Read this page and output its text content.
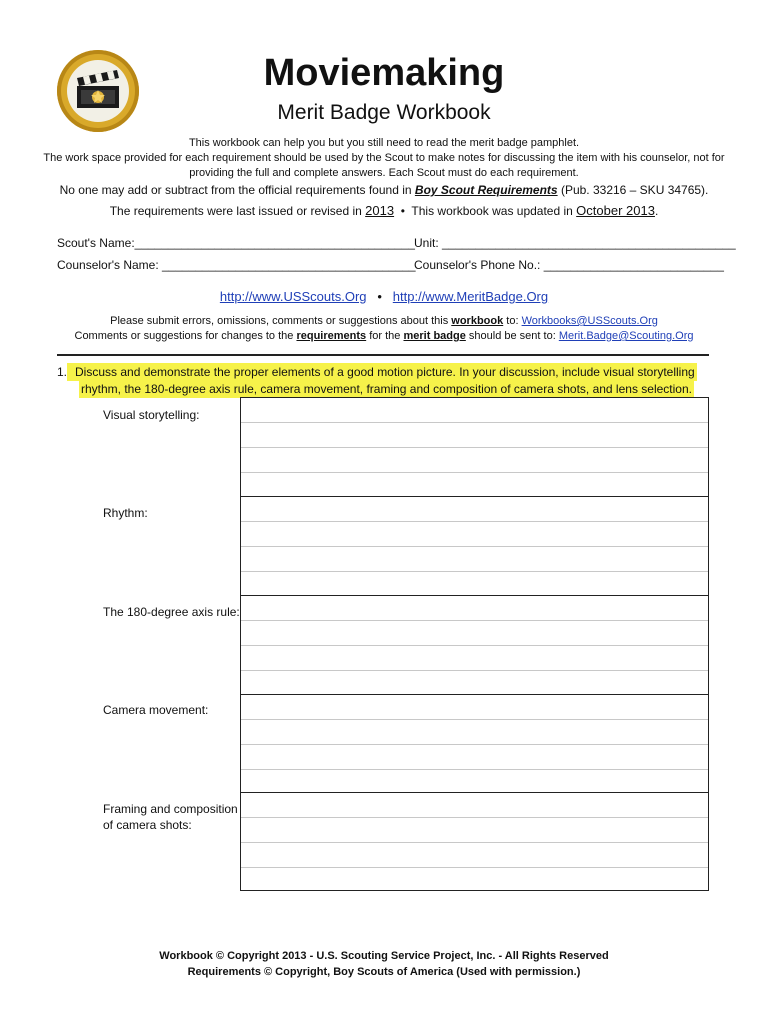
Moviemaking
Merit Badge Workbook
This workbook can help you but you still need to read the merit badge pamphlet.
The work space provided for each requirement should be used by the Scout to make notes for discussing the item with his counselor, not for
providing the full and complete answers. Each Scout must do each requirement.
No one may add or subtract from the official requirements found in Boy Scout Requirements (Pub. 33216 – SKU 34765).
The requirements were last issued or revised in 2013 • This workbook was updated in October 2013.
Scout's Name:__________________________________________ Unit: ____________________________________________
Counselor's Name: ______________________________________
Counselor's Phone No.: ___________________________
http://www.USScouts.Org • http://www.MeritBadge.Org
Please submit errors, omissions, comments or suggestions about this workbook to: Workbooks@USScouts.Org
Comments or suggestions for changes to the requirements for the merit badge should be sent to: Merit.Badge@Scouting.Org
1. Discuss and demonstrate the proper elements of a good motion picture. In your discussion, include visual storytelling
rhythm, the 180-degree axis rule, camera movement, framing and composition of camera shots, and lens selection.
Visual storytelling:
Rhythm:
The 180-degree axis rule:
Camera movement:
Framing and composition
of camera shots:
Workbook © Copyright 2013 - U.S. Scouting Service Project, Inc. - All Rights Reserved
Requirements © Copyright, Boy Scouts of America (Used with permission.)
